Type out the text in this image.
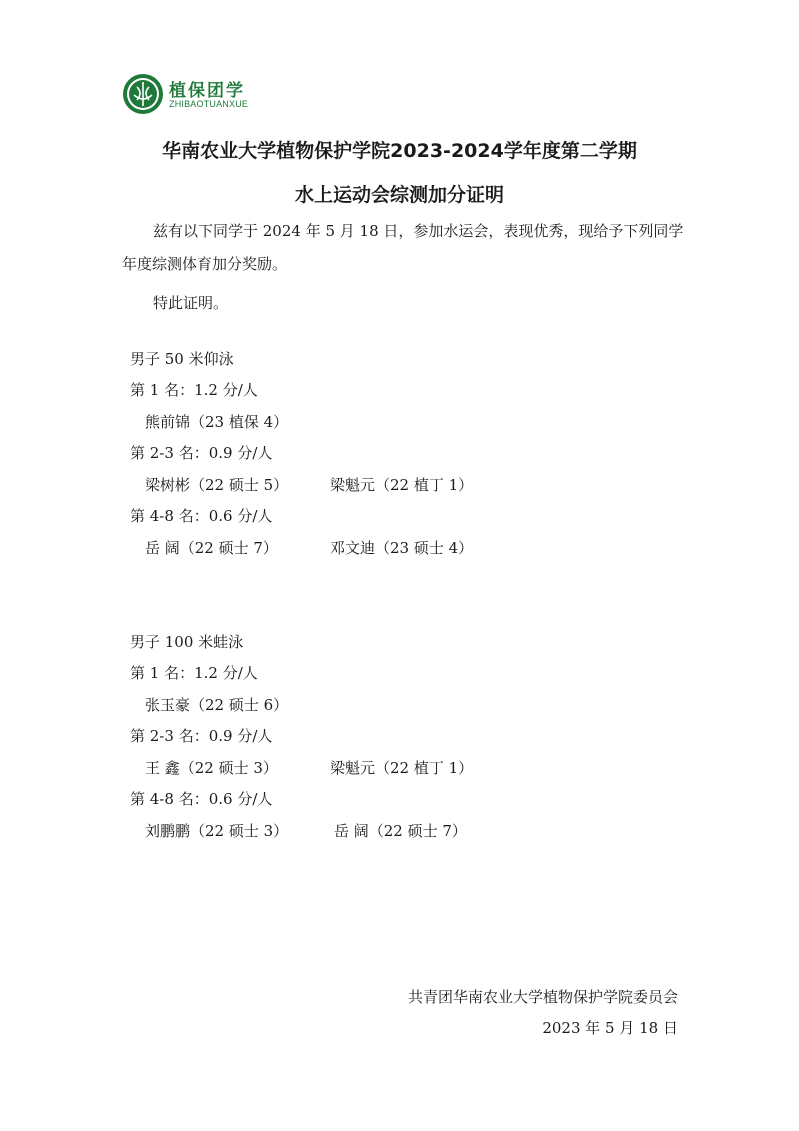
植保团学
ZHIBAOTUANXUE
华南农业大学植物保护学院2023-2024学年度第二学期
水上运动会综测加分证明
兹有以下同学于 2024 年 5 月 18 日，参加水运会，表现优秀，现给予下列同学年度综测体育加分奖励。
特此证明。
男子 50 米仰泳
第 1 名：1.2 分/人
熊前锦（23 植保 4）
第 2-3 名：0.9 分/人
梁树彬（22 硕士 5）	梁魁元（22 植丁 1）
第 4-8 名：0.6 分/人
岳 阔（22 硕士 7）	邓文迪（23 硕士 4）
男子 100 米蛙泳
第 1 名：1.2 分/人
张玉豪（22 硕士 6）
第 2-3 名：0.9 分/人
王 鑫（22 硕士 3）	梁魁元（22 植丁 1）
第 4-8 名：0.6 分/人
刘鹏鹏（22 硕士 3）	岳 阔（22 硕士 7）
共青团华南农业大学植物保护学院委员会
2023 年 5 月 18 日
